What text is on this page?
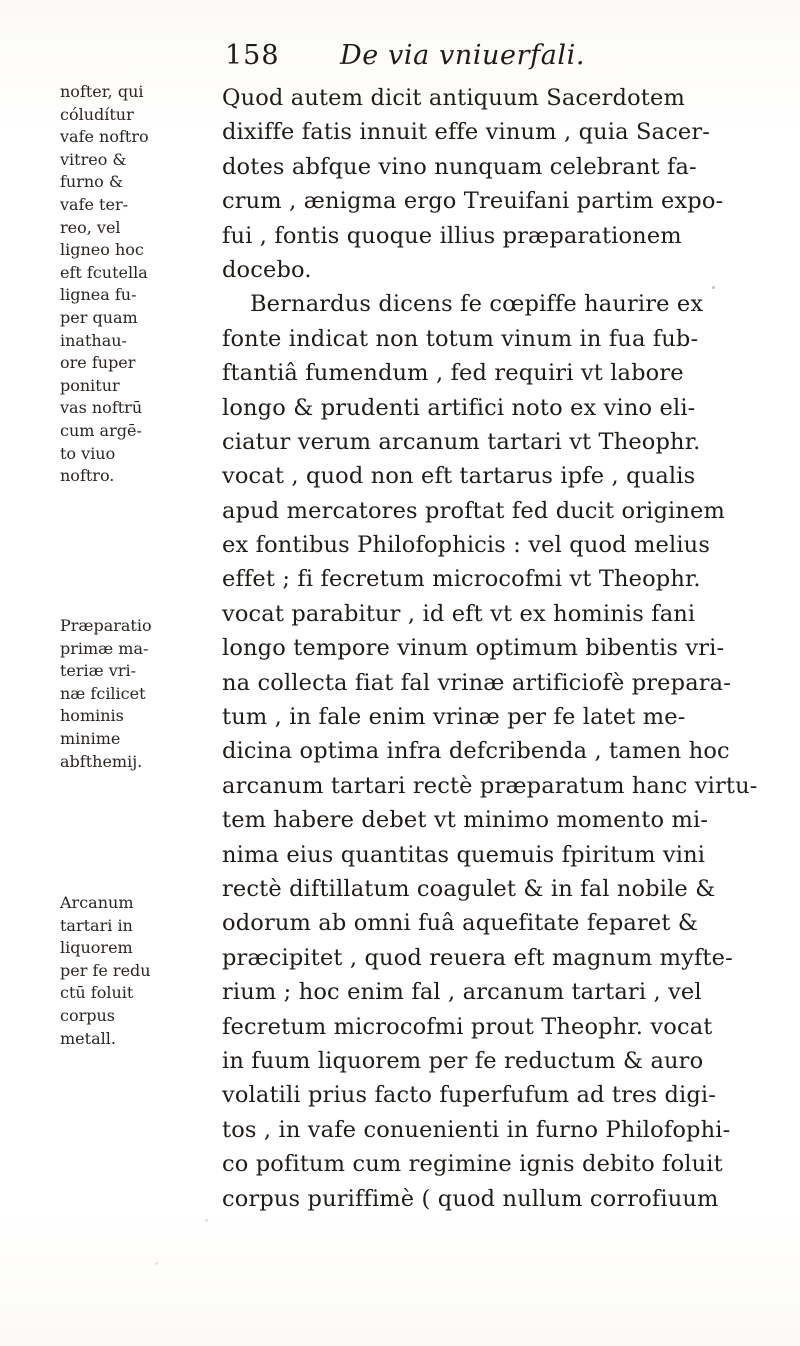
158	De via vniuerfali.
Quod autem dicit antiquum Sacerdotem
dixiffe fatis innuit effe vinum , quia Sacer-
dotes abfque vino nunquam celebrant fa-
crum , ænigma ergo Treuifani partim expo-
fui , fontis quoque illius præparationem
docebo.
Bernardus dicens fe cœpiffe haurire ex
fonte indicat non totum vinum in fua fub-
ftantiâ fumendum , fed requiri vt labore
longo & prudenti artifici noto ex vino eli-
ciatur verum arcanum tartari vt Theophr.
vocat , quod non eft tartarus ipfe , qualis
apud mercatores proftat fed ducit originem
ex fontibus Philofophicis : vel quod melius
effet ; fi fecretum microcofmi vt Theophr.
vocat parabitur , id eft vt ex hominis fani
longo tempore vinum optimum bibentis vri-
na collecta fiat fal vrinæ artificiofè prepara-
tum , in fale enim vrinæ per fe latet me-
dicina optima infra defcribenda , tamen hoc
arcanum tartari rectè præparatum hanc virtu-
tem habere debet vt minimo momento mi-
nima eius quantitas quemuis fpiritum vini
rectè diftillatum coagulet & in fal nobile &
odorum ab omni fuâ aquefitate feparet &
præcipitet , quod reuera eft magnum myfte-
rium ; hoc enim fal , arcanum tartari , vel
fecretum microcofmi prout Theophr. vocat
in fuum liquorem per fe reductum & auro
volatili prius facto fuperfufum ad tres digi-
tos , in vafe conuenienti in furno Philofophi-
co pofitum cum regimine ignis debito foluit
corpus puriffimè ( quod nullum corrofiuum
nofter, qui
cóludítur
vafe noftro
vitreo &
furno &
vafe ter-
reo, vel
ligneo hoc
eft fcutella
lignea fu-
per quam
inathau-
ore fuper
ponitur
vas noftrū
cum argē-
to viuo
noftro.
Præparatio
primæ ma-
teriæ vri-
næ fcilicet
hominis
minime
abfthemij.
Arcanum
tartari in
liquorem
per fe redu
ctū foluit
corpus
metall.
